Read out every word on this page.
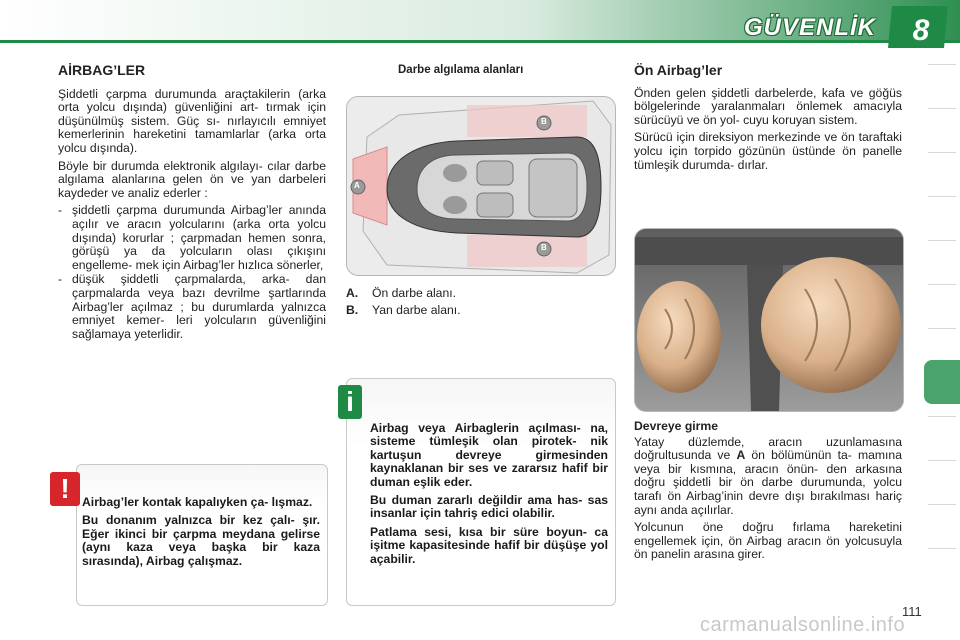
GÜVENLİK	8
AİRBAG’LER

Şiddetli çarpma durumunda araçtakilerin (arka orta yolcu dışında) güvenliğini art- tırmak için düşünülmüş sistem. Güç sı- nırlayıcılı emniyet kemerlerinin hareketini tamamlarlar (arka orta yolcu dışında).

Böyle bir durumda elektronik algılayı- cılar darbe algılama alanlarına gelen ön ve yan darbeleri kaydeder ve analiz ederler :

- şiddetli çarpma durumunda Airbag’ler anında açılır ve aracın yolcularını (arka orta yolcu dışında) korurlar ; çarpmadan hemen sonra, görüşü ya da yolcuların olası çıkışını engelleme- mek için Airbag’ler hızlıca sönerler,
- düşük şiddetli çarpmalarda, arka- dan çarpmalarda veya bazı devrilme şartlarında Airbag’ler açılmaz ; bu durumlarda yalnızca emniyet kemer- leri yolcuların güvenliğini sağlamaya yeterlidir.
Darbe algılama alanları
A
B
B
A.	Ön darbe alanı.
B.	Yan darbe alanı.
!	Airbag’ler kontak kapalıyken ça- lışmaz.

Bu donanım yalnızca bir kez çalı- şır. Eğer ikinci bir çarpma meydana gelirse (aynı kaza veya başka bir kaza sırasında), Airbag çalışmaz.

i

Airbag veya Airbaglerin açılması- na, sisteme tümleşik olan pirotek- nik kartuşun devreye girmesinden kaynaklanan bir ses ve zararsız hafif bir duman eşlik eder.

Bu duman zararlı değildir ama has- sas insanlar için tahriş edici olabilir.

Patlama sesi, kısa bir süre boyun- ca işitme kapasitesinde hafif bir düşüşe yol açabilir.

Ön Airbag’ler

Önden gelen şiddetli darbelerde, kafa ve göğüs bölgelerinde yaralanmaları önlemek amacıyla sürücüyü ve ön yol- cuyu koruyan sistem.

Sürücü için direksiyon merkezinde ve ön taraftaki yolcu için torpido gözünün üstünde ön panelle tümleşik durumda- dırlar.

Devreye girme

Yatay düzlemde, aracın uzunlamasına doğrultusunda ve A ön bölümünün ta- mamına veya bir kısmına, aracın önün- den arkasına doğru şiddetli bir ön darbe durumunda, yolcu tarafı ön Airbag’inin devre dışı bırakılması hariç aynı anda açılırlar.

Yolcunun öne doğru fırlama hareketini engellemek için, ön Airbag aracın ön yolcusuyla ön panelin arasına girer.

111
carmanualsonline.info
